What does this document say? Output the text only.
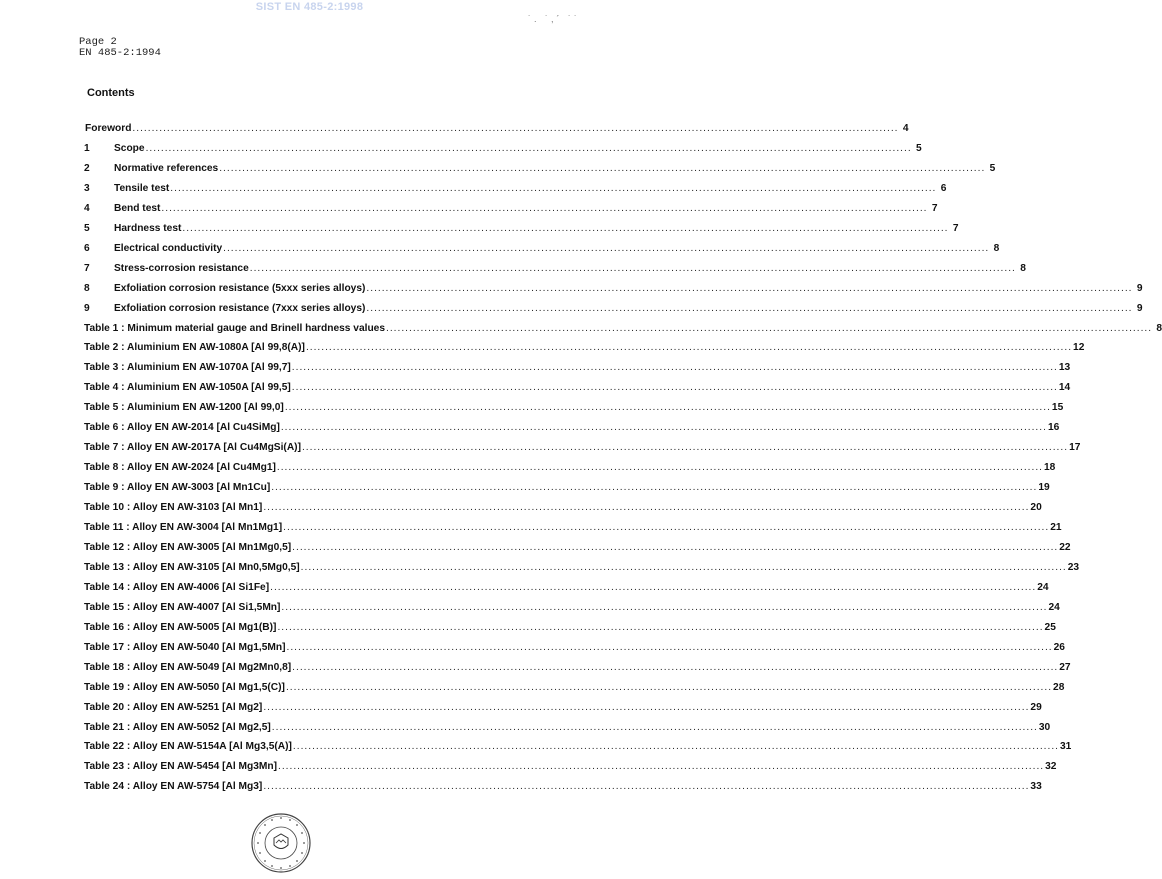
SIST EN 485-2:1998
˙. ˙,´ ˙˙
Page 2
EN 485-2:1994
Contents
Foreword ........................................................................................................................................................................................................ 4
1	Scope ........................................................................................................................................................................................................ 5
2	Normative references ........................................................................................................................................................................................................ 5
3	Tensile test ........................................................................................................................................................................................................ 6
4	Bend test ........................................................................................................................................................................................................ 7
5	Hardness test ........................................................................................................................................................................................................ 7
6	Electrical conductivity ........................................................................................................................................................................................................ 8
7	Stress-corrosion resistance ........................................................................................................................................................................................................ 8
8	Exfoliation corrosion resistance (5xxx series alloys) ........................................................................................................................................................................................................ 9
9	Exfoliation corrosion resistance (7xxx series alloys) ........................................................................................................................................................................................................ 9
Table 1 : Minimum material gauge and Brinell hardness values ........................................................................................................................................................................................................ 8
Table 2 : Aluminium EN AW-1080A [Al 99,8(A)] ........................................................................................................................................................................................................ 12
Table 3 : Aluminium EN AW-1070A [Al 99,7] ........................................................................................................................................................................................................ 13
Table 4 : Aluminium EN AW-1050A [Al 99,5] ........................................................................................................................................................................................................ 14
Table 5 : Aluminium EN AW-1200 [Al 99,0] ........................................................................................................................................................................................................ 15
Table 6 : Alloy EN AW-2014 [Al Cu4SiMg] ........................................................................................................................................................................................................ 16
Table 7 : Alloy EN AW-2017A [Al Cu4MgSi(A)] ........................................................................................................................................................................................................ 17
Table 8 : Alloy EN AW-2024 [Al Cu4Mg1] ........................................................................................................................................................................................................ 18
Table 9 : Alloy EN AW-3003 [Al Mn1Cu] ........................................................................................................................................................................................................ 19
Table 10 : Alloy EN AW-3103 [Al Mn1] ........................................................................................................................................................................................................ 20
Table 11 : Alloy EN AW-3004 [Al Mn1Mg1] ........................................................................................................................................................................................................ 21
Table 12 : Alloy EN AW-3005 [Al Mn1Mg0,5] ........................................................................................................................................................................................................ 22
Table 13 : Alloy EN AW-3105 [Al Mn0,5Mg0,5] ........................................................................................................................................................................................................ 23
Table 14 : Alloy EN AW-4006 [Al Si1Fe] ........................................................................................................................................................................................................ 24
Table 15 : Alloy EN AW-4007 [Al Si1,5Mn] ........................................................................................................................................................................................................ 24
Table 16 : Alloy EN AW-5005 [Al Mg1(B)] ........................................................................................................................................................................................................ 25
Table 17 : Alloy EN AW-5040 [Al Mg1,5Mn] ........................................................................................................................................................................................................ 26
Table 18 : Alloy EN AW-5049 [Al Mg2Mn0,8] ........................................................................................................................................................................................................ 27
Table 19 : Alloy EN AW-5050 [Al Mg1,5(C)] ........................................................................................................................................................................................................ 28
Table 20 : Alloy EN AW-5251 [Al Mg2] ........................................................................................................................................................................................................ 29
Table 21 : Alloy EN AW-5052 [Al Mg2,5] ........................................................................................................................................................................................................ 30
Table 22 : Alloy EN AW-5154A [Al Mg3,5(A)] ........................................................................................................................................................................................................ 31
Table 23 : Alloy EN AW-5454 [Al Mg3Mn] ........................................................................................................................................................................................................ 32
Table 24 : Alloy EN AW-5754 [Al Mg3] ........................................................................................................................................................................................................ 33
